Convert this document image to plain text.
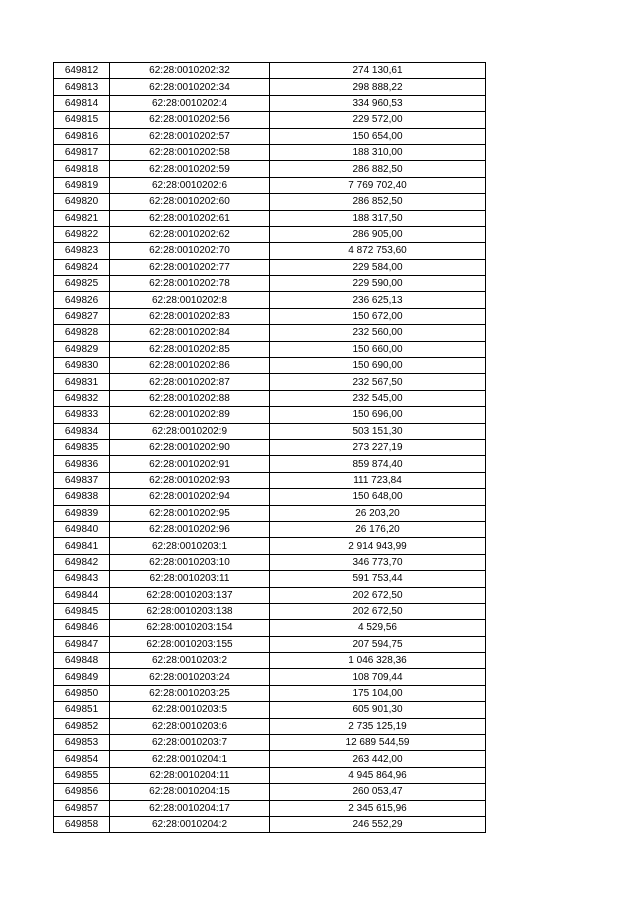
649812	62:28:0010202:32	274 130,61
649813	62:28:0010202:34	298 888,22
649814	62:28:0010202:4	334 960,53
649815	62:28:0010202:56	229 572,00
649816	62:28:0010202:57	150 654,00
649817	62:28:0010202:58	188 310,00
649818	62:28:0010202:59	286 882,50
649819	62:28:0010202:6	7 769 702,40
649820	62:28:0010202:60	286 852,50
649821	62:28:0010202:61	188 317,50
649822	62:28:0010202:62	286 905,00
649823	62:28:0010202:70	4 872 753,60
649824	62:28:0010202:77	229 584,00
649825	62:28:0010202:78	229 590,00
649826	62:28:0010202:8	236 625,13
649827	62:28:0010202:83	150 672,00
649828	62:28:0010202:84	232 560,00
649829	62:28:0010202:85	150 660,00
649830	62:28:0010202:86	150 690,00
649831	62:28:0010202:87	232 567,50
649832	62:28:0010202:88	232 545,00
649833	62:28:0010202:89	150 696,00
649834	62:28:0010202:9	503 151,30
649835	62:28:0010202:90	273 227,19
649836	62:28:0010202:91	859 874,40
649837	62:28:0010202:93	111 723,84
649838	62:28:0010202:94	150 648,00
649839	62:28:0010202:95	26 203,20
649840	62:28:0010202:96	26 176,20
649841	62:28:0010203:1	2 914 943,99
649842	62:28:0010203:10	346 773,70
649843	62:28:0010203:11	591 753,44
649844	62:28:0010203:137	202 672,50
649845	62:28:0010203:138	202 672,50
649846	62:28:0010203:154	4 529,56
649847	62:28:0010203:155	207 594,75
649848	62:28:0010203:2	1 046 328,36
649849	62:28:0010203:24	108 709,44
649850	62:28:0010203:25	175 104,00
649851	62:28:0010203:5	605 901,30
649852	62:28:0010203:6	2 735 125,19
649853	62:28:0010203:7	12 689 544,59
649854	62:28:0010204:1	263 442,00
649855	62:28:0010204:11	4 945 864,96
649856	62:28:0010204:15	260 053,47
649857	62:28:0010204:17	2 345 615,96
649858	62:28:0010204:2	246 552,29
